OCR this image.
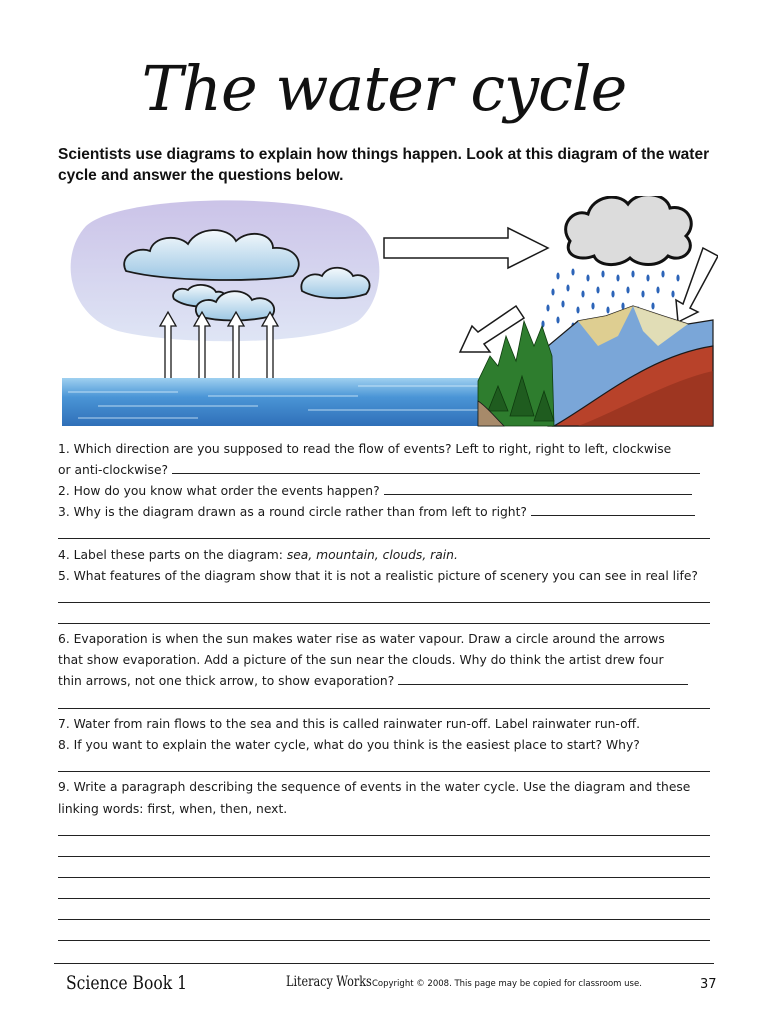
The water cycle
Scientists use diagrams to explain how things happen. Look at this diagram of the water cycle and answer the questions below.
1. Which direction are you supposed to read the flow of events? Left to right, right to left, clockwise
or anti-clockwise?
2. How do you know what order the events happen?
3. Why is the diagram drawn as a round circle rather than from left to right?
4. Label these parts on the diagram: sea, mountain, clouds, rain.
5. What features of the diagram show that it is not a realistic picture of scenery you can see in real life?
6. Evaporation is when the sun makes water rise as water vapour. Draw a circle around the arrows
that show evaporation. Add a picture of the sun near the clouds. Why do think the artist drew four
thin arrows, not one thick arrow, to show evaporation?
7. Water from rain flows to the sea and this is called rainwater run-off. Label rainwater run-off.
8. If you want to explain the water cycle, what do you think is the easiest place to start? Why?
9. Write a paragraph describing the sequence of events in the water cycle. Use the diagram and these
linking words: first, when, then, next.
Science Book 1	Literacy Works Copyright © 2008. This page may be copied for classroom use.	37
